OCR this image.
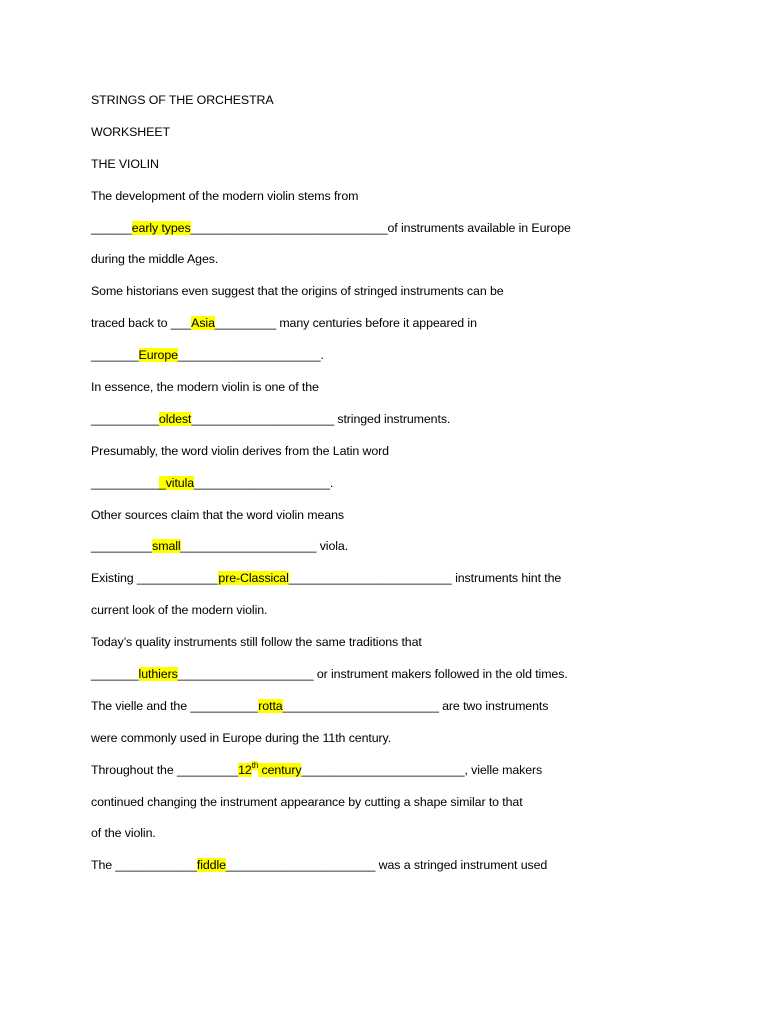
STRINGS OF THE ORCHESTRA
WORKSHEET
THE VIOLIN
The development of the modern violin stems from
______early types_____________________________of instruments available in Europe
during the middle Ages.
Some historians even suggest that the origins of stringed instruments can be
traced back to ___Asia_________ many centuries before it appeared in
_______Europe_____________________.
In essence, the modern violin is one of the
__________oldest_____________________ stringed instruments.
Presumably, the word violin derives from the Latin word
___________vitula____________________.
Other sources claim that the word violin means
_________small____________________ viola.
Existing ____________pre-Classical________________________ instruments hint the
current look of the modern violin.
Today’s quality instruments still follow the same traditions that
_______luthiers____________________ or instrument makers followed in the old times.
The vielle and the __________rotta_______________________ are two instruments
were commonly used in Europe during the 11th century.
Throughout the _________12th century________________________, vielle makers
continued changing the instrument appearance by cutting a shape similar to that
of the violin.
The ____________fiddle______________________ was a stringed instrument used
